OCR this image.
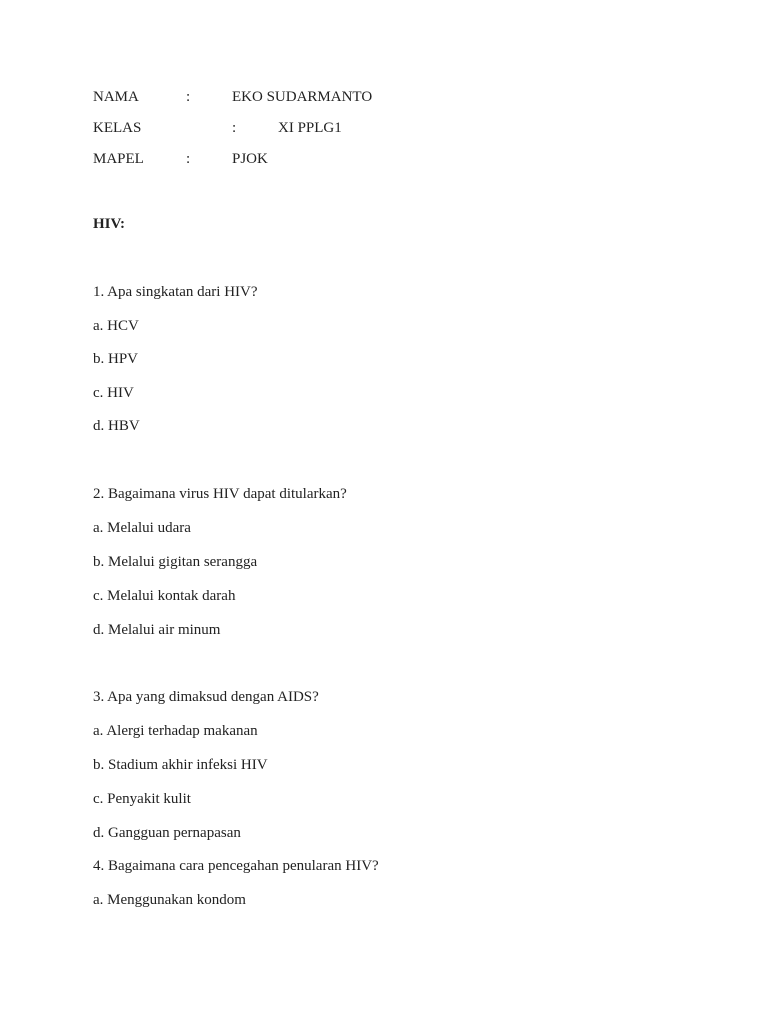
NAMA	:	EKO SUDARMANTO
KELAS	:	XI PPLG1
MAPEL	:	PJOK
HIV:
1. Apa singkatan dari HIV?
a. HCV
b. HPV
c. HIV
d. HBV
2. Bagaimana virus HIV dapat ditularkan?
a. Melalui udara
b. Melalui gigitan serangga
c. Melalui kontak darah
d. Melalui air minum
3. Apa yang dimaksud dengan AIDS?
a. Alergi terhadap makanan
b. Stadium akhir infeksi HIV
c. Penyakit kulit
d. Gangguan pernapasan
4. Bagaimana cara pencegahan penularan HIV?
a. Menggunakan kondom
